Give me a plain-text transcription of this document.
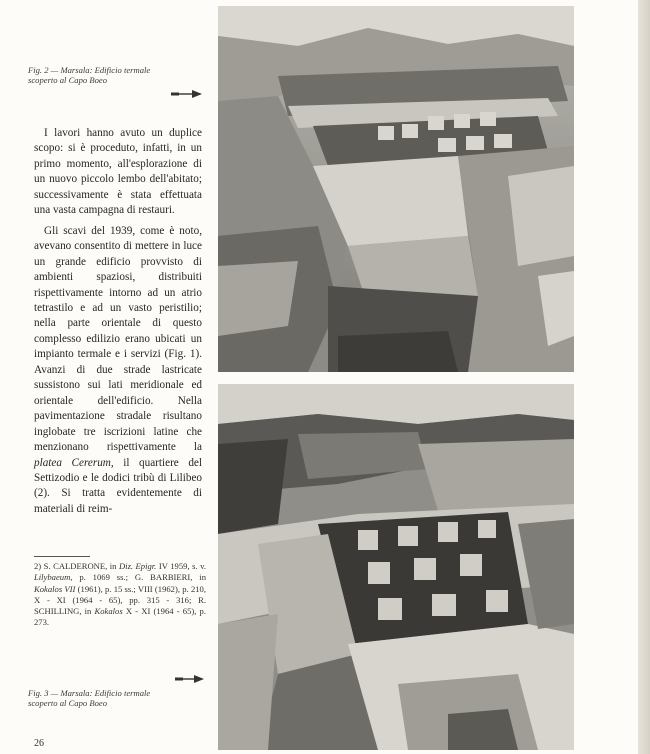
Fig. 2 — Marsala: Edificio termale
scoperto al Capo Boeo

I lavori hanno avuto un duplice scopo: si è proceduto, infatti, in un primo momento, all'esplorazione di un nuovo piccolo lembo dell'abitato; successivamente è stata effettuata una vasta campagna di restauri.

Gli scavi del 1939, come è noto, avevano consentito di mettere in luce un grande edificio provvisto di ambienti spaziosi, distribuiti rispettivamente intorno ad un atrio tetrastilo e ad un vasto peristilio; nella parte orientale di questo complesso edilizio erano ubicati un impianto termale e i servizi (Fig. 1). Avanzi di due strade lastricate sussistono sui lati meridionale ed orientale dell'edificio. Nella pavimentazione stradale risultano inglobate tre iscrizioni latine che menzionano rispettivamente la platea Cererum, il quartiere del Settizodio e le dodici tribù di Lilibeo (2). Si tratta evidentemente di materiali di reim-

2) S. CALDERONE, in Diz. Epigr. IV 1959, s. v. Lilybaeum, p. 1069 ss.; G. BARBIERI, in Kokalos VII (1961), p. 15 ss.; VIII (1962), p. 210, X - XI (1964 - 65), pp. 315 - 316; R. SCHILLING, in Kokalos X - XI (1964 - 65), p. 273.
Fig. 3 — Marsala: Edificio termale
scoperto al Capo Boeo
26
